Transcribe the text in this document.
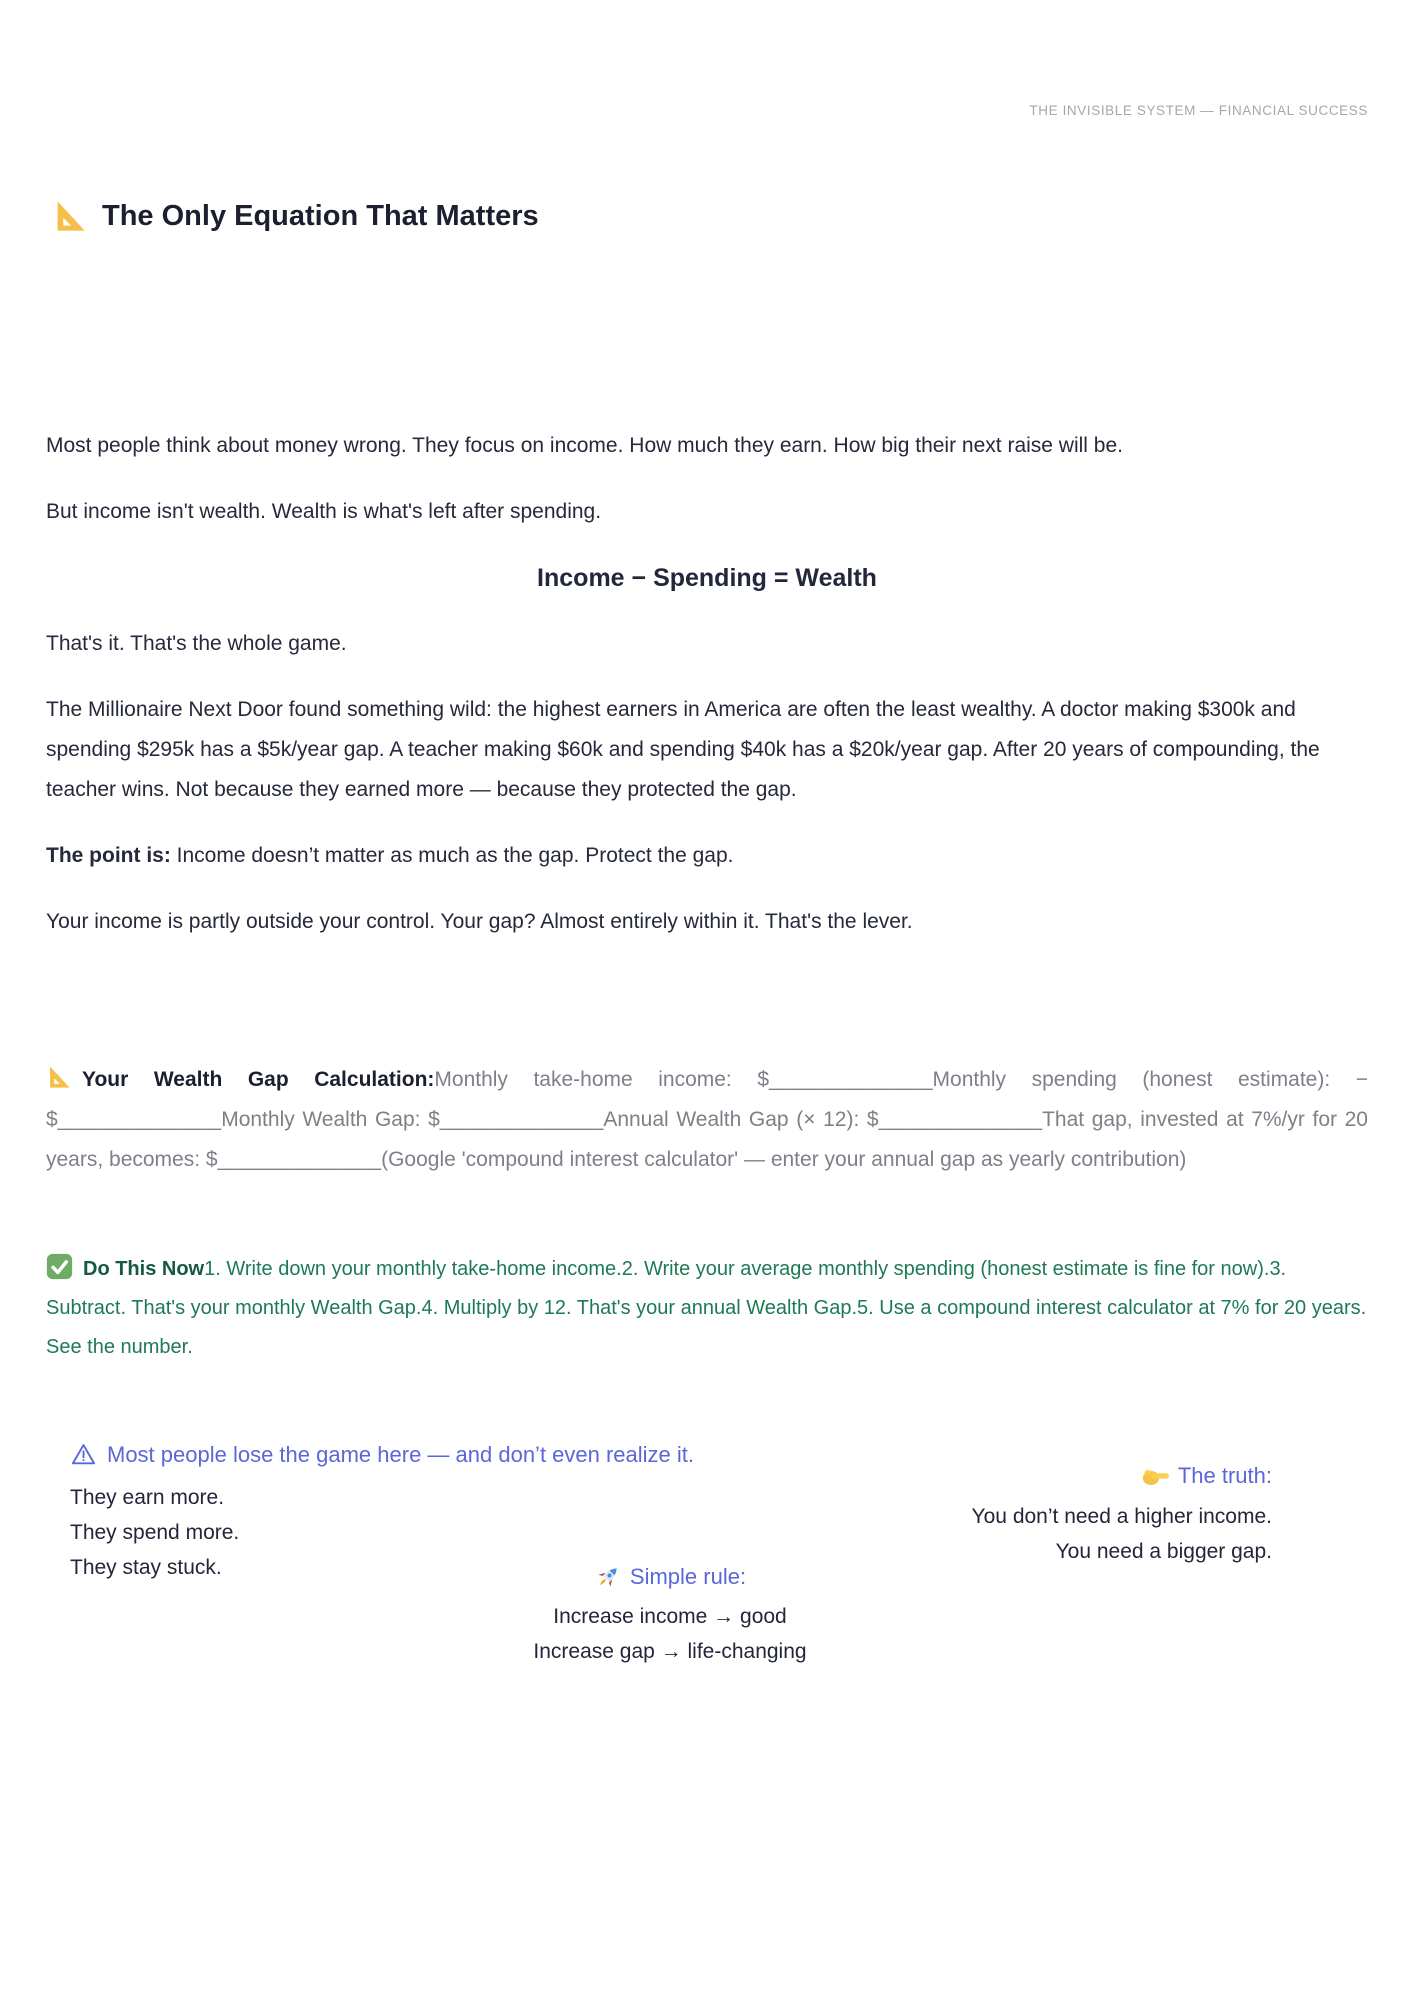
THE INVISIBLE SYSTEM — FINANCIAL SUCCESS
The Only Equation That Matters

Most people think about money wrong. They focus on income. How much they earn. How big their next raise will be.

But income isn't wealth. Wealth is what's left after spending.

Income − Spending = Wealth

That's it. That's the whole game.

The Millionaire Next Door found something wild: the highest earners in America are often the least wealthy. A doctor making $300k and spending $295k has a $5k/year gap. A teacher making $60k and spending $40k has a $20k/year gap. After 20 years of compounding, the teacher wins. Not because they earned more — because they protected the gap.

The point is: Income doesn’t matter as much as the gap. Protect the gap.

Your income is partly outside your control. Your gap? Almost entirely within it. That's the lever.

Your Wealth Gap Calculation:Monthly take-home income: $______________Monthly spending (honest estimate): −$______________Monthly Wealth Gap: $______________Annual Wealth Gap (× 12): $______________That gap, invested at 7%/yr for 20 years, becomes: $______________(Google 'compound interest calculator' — enter your annual gap as yearly contribution)
Do This Now1. Write down your monthly take-home income.2. Write your average monthly spending (honest estimate is fine for now).3. Subtract. That's your monthly Wealth Gap.4. Multiply by 12. That's your annual Wealth Gap.5. Use a compound interest calculator at 7% for 20 years. See the number.
Most people lose the game here — and don’t even realize it.
They earn more.
They spend more.
They stay stuck.
The truth:
You don’t need a higher income.
You need a bigger gap.
Simple rule:
Increase income → good
Increase gap → life-changing
